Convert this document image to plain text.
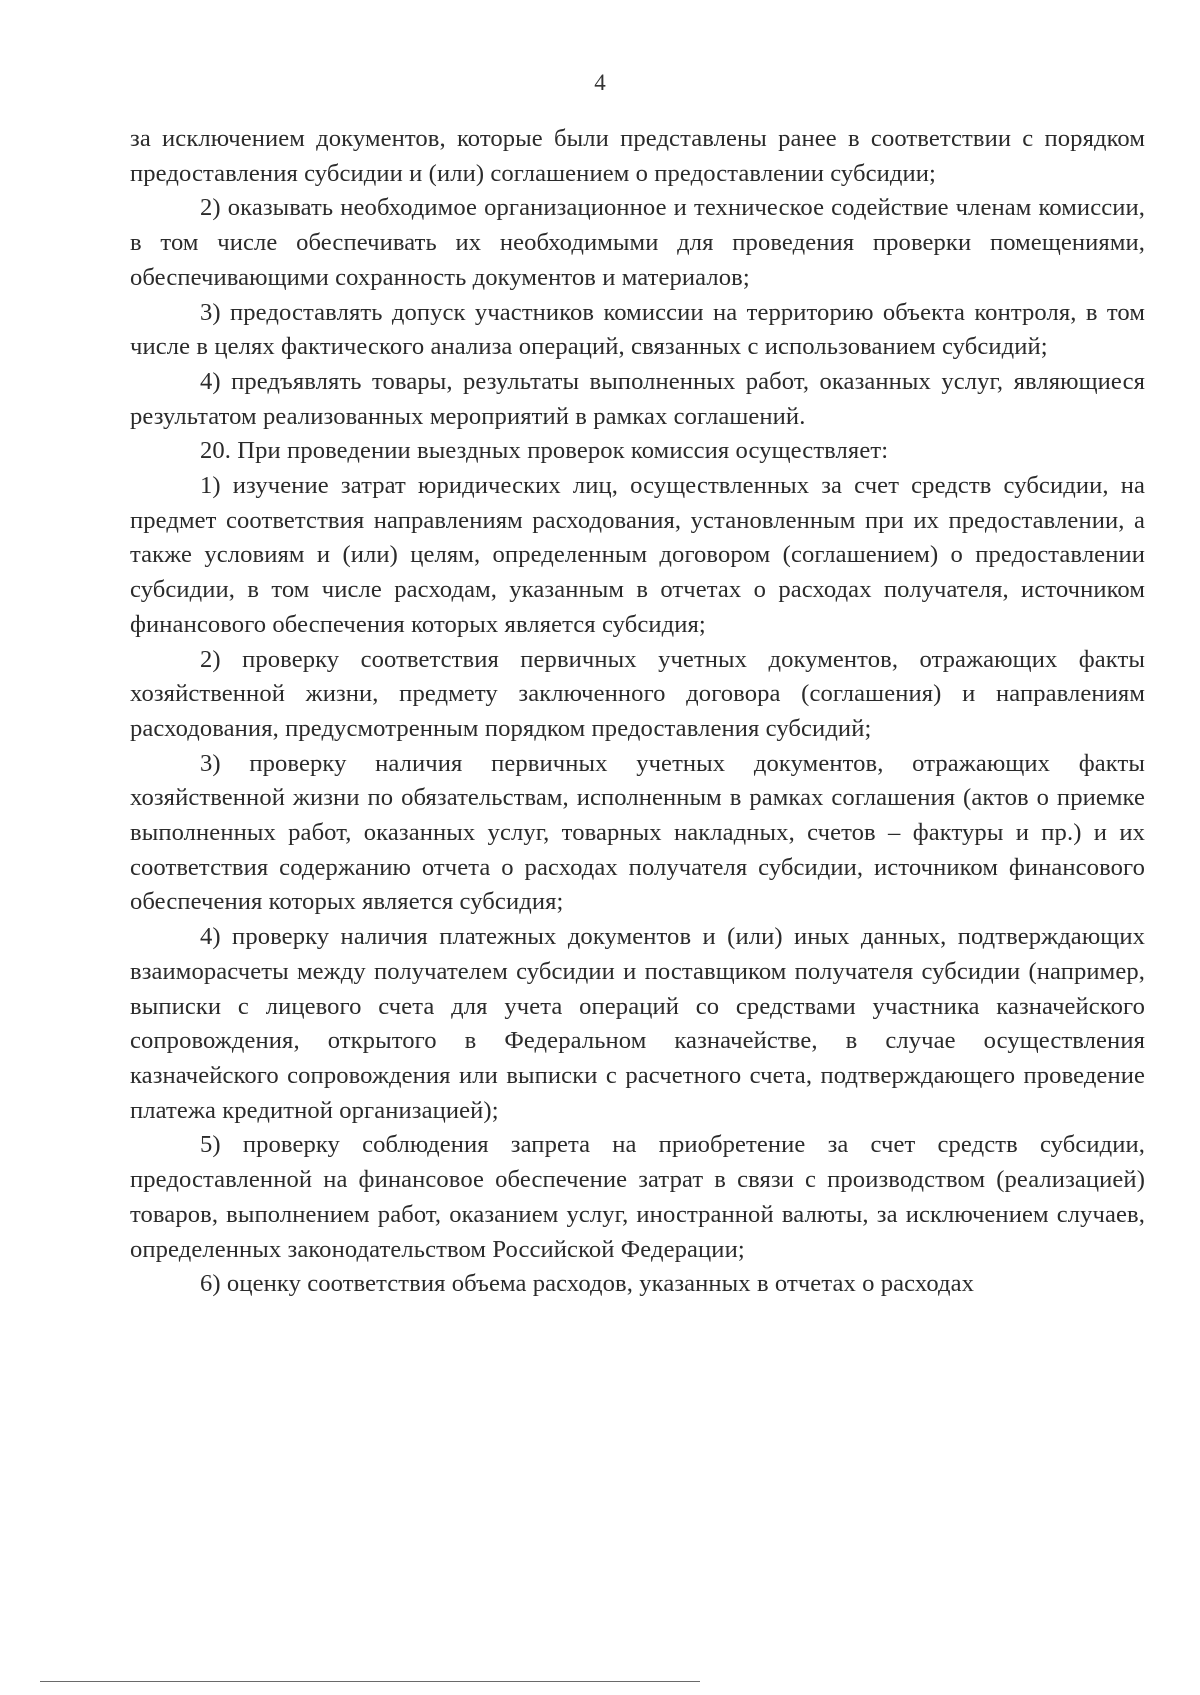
4

за исключением документов, которые были представлены ранее в соответствии с порядком предоставления субсидии и (или) соглашением о предоставлении субсидии;

2) оказывать необходимое организационное и техническое содействие членам комиссии, в том числе обеспечивать их необходимыми для проведения проверки помещениями, обеспечивающими сохранность документов и материалов;

3) предоставлять допуск участников комиссии на территорию объекта контроля, в том числе в целях фактического анализа операций, связанных с использованием субсидий;

4) предъявлять товары, результаты выполненных работ, оказанных услуг, являющиеся результатом реализованных мероприятий в рамках соглашений.

20. При проведении выездных проверок комиссия осуществляет:

1) изучение затрат юридических лиц, осуществленных за счет средств субсидии, на предмет соответствия направлениям расходования, установленным при их предоставлении, а также условиям и (или) целям, определенным договором (соглашением) о предоставлении субсидии, в том числе расходам, указанным в отчетах о расходах получателя, источником финансового обеспечения которых является субсидия;

2) проверку соответствия первичных учетных документов, отражающих факты хозяйственной жизни, предмету заключенного договора (соглашения) и направлениям расходования, предусмотренным порядком предоставления субсидий;

3) проверку наличия первичных учетных документов, отражающих факты хозяйственной жизни по обязательствам, исполненным в рамках соглашения (актов о приемке выполненных работ, оказанных услуг, товарных накладных, счетов – фактуры и пр.) и их соответствия содержанию отчета о расходах получателя субсидии, источником финансового обеспечения которых является субсидия;

4) проверку наличия платежных документов и (или) иных данных, подтверждающих взаиморасчеты между получателем субсидии и поставщиком получателя субсидии (например, выписки с лицевого счета для учета операций со средствами участника казначейского сопровождения, открытого в Федеральном казначействе, в случае осуществления казначейского сопровождения или выписки с расчетного счета, подтверждающего проведение платежа кредитной организацией);

5) проверку соблюдения запрета на приобретение за счет средств субсидии, предоставленной на финансовое обеспечение затрат в связи с производством (реализацией) товаров, выполнением работ, оказанием услуг, иностранной валюты, за исключением случаев, определенных законодательством Российской Федерации;

6) оценку соответствия объема расходов, указанных в отчетах о расходах
